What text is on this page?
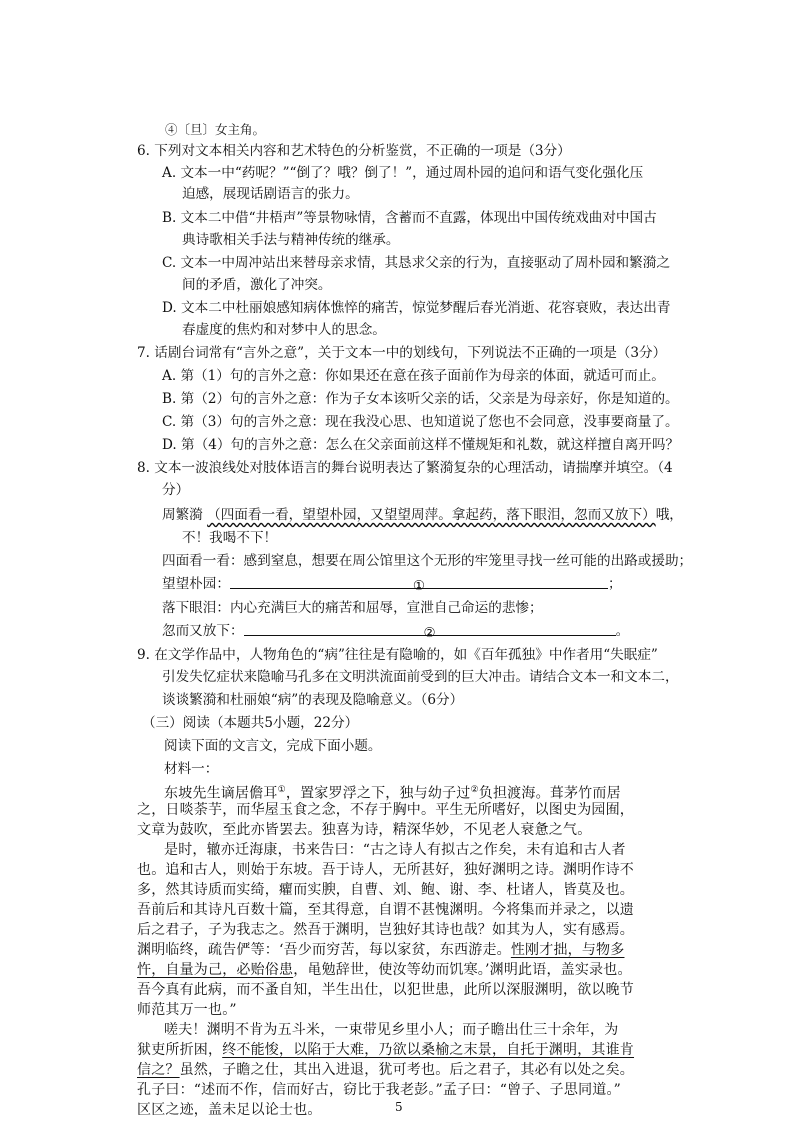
④〔旦〕女主角。
6. 下列对文本相关内容和艺术特色的分析鉴赏，不正确的一项是（3分）
A. 文本一中“药呢？”“倒了？哦？倒了！”，通过周朴园的追问和语气变化强化压
迫感，展现话剧语言的张力。
B. 文本二中借“井梧声”等景物咏情，含蓄而不直露，体现出中国传统戏曲对中国古
典诗歌相关手法与精神传统的继承。
C. 文本一中周冲站出来替母亲求情，其恳求父亲的行为，直接驱动了周朴园和繁漪之
间的矛盾，激化了冲突。
D. 文本二中杜丽娘感知病体憔悴的痛苦，惊觉梦醒后春光消逝、花容衰败，表达出青
春虚度的焦灼和对梦中人的思念。
7. 话剧台词常有“言外之意”，关于文本一中的划线句，下列说法不正确的一项是（3分）
A. 第（1）句的言外之意：你如果还在意在孩子面前作为母亲的体面，就适可而止。
B. 第（2）句的言外之意：作为子女本该听父亲的话，父亲是为母亲好，你是知道的。
C. 第（3）句的言外之意：现在我没心思、也知道说了您也不会同意，没事要商量了。
D. 第（4）句的言外之意：怎么在父亲面前这样不懂规矩和礼数，就这样擅自离开吗？
8. 文本一波浪线处对肢体语言的舞台说明表达了繁漪复杂的心理活动，请揣摩并填空。（4
分）
周繁漪 （四面看一看，望望朴园，又望望周萍。拿起药，落下眼泪，忽而又放下）哦，
不！我喝不下！
四面看一看：感到窒息，想要在周公馆里这个无形的牢笼里寻找一丝可能的出路或援助；
望望朴园：	①	；
落下眼泪：内心充满巨大的痛苦和屈辱，宣泄自己命运的悲惨；
忽而又放下：	②	。
9. 在文学作品中，人物角色的“病”往往是有隐喻的，如《百年孤独》中作者用“失眠症”
引发失忆症状来隐喻马孔多在文明洪流面前受到的巨大冲击。请结合文本一和文本二，
谈谈繁漪和杜丽娘“病”的表现及隐喻意义。（6分）
（三）阅读（本题共5小题，22分）
阅读下面的文言文，完成下面小题。
材料一：
东坡先生谪居儋耳①，置家罗浮之下，独与幼子过②负担渡海。葺茅竹而居
之，日啖荼芋，而华屋玉食之念，不存于胸中。平生无所嗜好，以图史为园囿，
文章为鼓吹，至此亦皆罢去。独喜为诗，精深华妙，不见老人衰惫之气。
是时，辙亦迁海康，书来告曰：“古之诗人有拟古之作矣，未有追和古人者
也。追和古人，则始于东坡。吾于诗人，无所甚好，独好渊明之诗。渊明作诗不
多，然其诗质而实绮，癯而实腴，自曹、刘、鲍、谢、李、杜诸人，皆莫及也。
吾前后和其诗凡百数十篇，至其得意，自谓不甚愧渊明。今将集而并录之，以遗
后之君子，子为我志之。然吾于渊明，岂独好其诗也哉？如其为人，实有感焉。
渊明临终，疏告俨等：‘吾少而穷苦，每以家贫，东西游走。性刚才拙，与物多
忤，自量为己，必贻俗患，黾勉辞世，使汝等幼而饥寒。’渊明此语，盖实录也。
吾今真有此病，而不蚤自知，半生出仕，以犯世患，此所以深服渊明，欲以晚节
师范其万一也。”
5
嗟夫！渊明不肯为五斗米，一束带见乡里小人；而子瞻出仕三十余年，为
狱吏所折困，终不能悛，以陷于大难，乃欲以桑榆之末景，自托于渊明，其谁肯
信之？虽然，子瞻之仕，其出入进退，犹可考也。后之君子，其必有以处之矣。
孔子曰：“述而不作，信而好古，窃比于我老彭。”孟子曰：“曾子、子思同道。”
区区之迹，盖未足以论士也。
